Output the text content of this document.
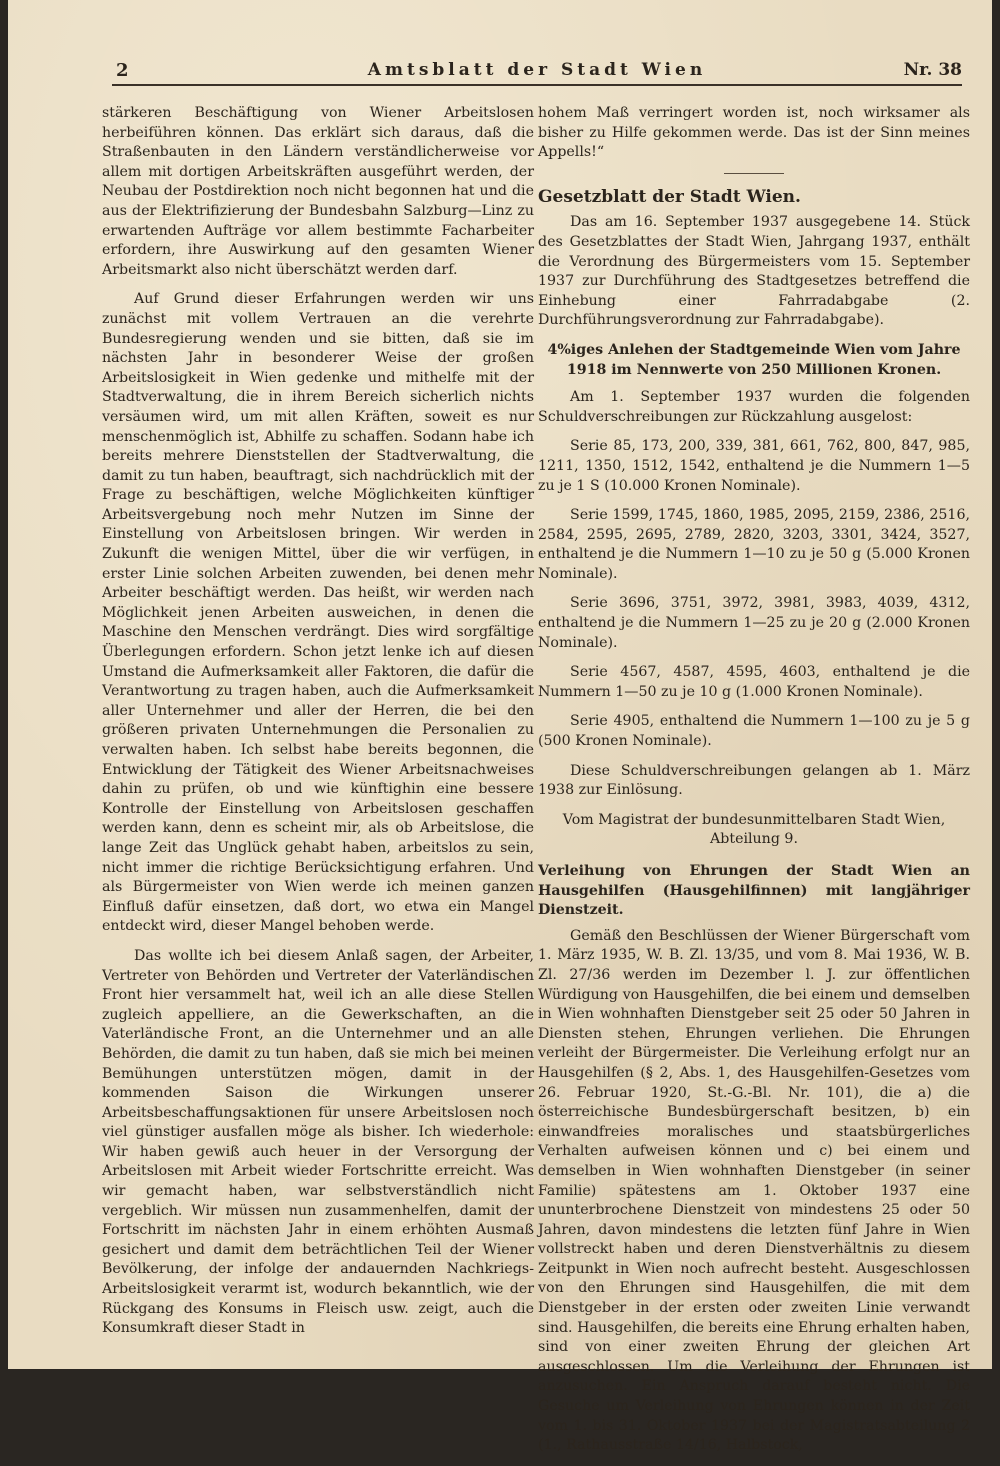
2	Amtsblatt der Stadt Wien	Nr. 38

stärkeren Beschäftigung von Wiener Arbeitslosen herbeiführen können. Das erklärt sich daraus, daß die Straßenbauten in den Ländern verständlicherweise vor allem mit dortigen Arbeitskräften ausgeführt werden, der Neubau der Postdirektion noch nicht begonnen hat und die aus der Elektrifizierung der Bundesbahn Salzburg—Linz zu erwartenden Aufträge vor allem bestimmte Facharbeiter erfordern, ihre Auswirkung auf den gesamten Wiener Arbeitsmarkt also nicht überschätzt werden darf.

Auf Grund dieser Erfahrungen werden wir uns zunächst mit vollem Vertrauen an die verehrte Bundesregierung wenden und sie bitten, daß sie im nächsten Jahr in besonderer Weise der großen Arbeitslosigkeit in Wien gedenke und mithelfe mit der Stadtverwaltung, die in ihrem Bereich sicherlich nichts versäumen wird, um mit allen Kräften, soweit es nur menschenmöglich ist, Abhilfe zu schaffen. Sodann habe ich bereits mehrere Dienststellen der Stadtverwaltung, die damit zu tun haben, beauftragt, sich nachdrücklich mit der Frage zu beschäftigen, welche Möglichkeiten künftiger Arbeitsvergebung noch mehr Nutzen im Sinne der Einstellung von Arbeitslosen bringen. Wir werden in Zukunft die wenigen Mittel, über die wir verfügen, in erster Linie solchen Arbeiten zuwenden, bei denen mehr Arbeiter beschäftigt werden. Das heißt, wir werden nach Möglichkeit jenen Arbeiten ausweichen, in denen die Maschine den Menschen verdrängt. Dies wird sorgfältige Überlegungen erfordern. Schon jetzt lenke ich auf diesen Umstand die Aufmerksamkeit aller Faktoren, die dafür die Verantwortung zu tragen haben, auch die Aufmerksamkeit aller Unternehmer und aller der Herren, die bei den größeren privaten Unternehmungen die Personalien zu verwalten haben. Ich selbst habe bereits begonnen, die Entwicklung der Tätigkeit des Wiener Arbeitsnachweises dahin zu prüfen, ob und wie künftighin eine bessere Kontrolle der Einstellung von Arbeitslosen geschaffen werden kann, denn es scheint mir, als ob Arbeitslose, die lange Zeit das Unglück gehabt haben, arbeitslos zu sein, nicht immer die richtige Berücksichtigung erfahren. Und als Bürgermeister von Wien werde ich meinen ganzen Einfluß dafür einsetzen, daß dort, wo etwa ein Mangel entdeckt wird, dieser Mangel behoben werde.

Das wollte ich bei diesem Anlaß sagen, der Arbeiter, Vertreter von Behörden und Vertreter der Vaterländischen Front hier versammelt hat, weil ich an alle diese Stellen zugleich appelliere, an die Gewerkschaften, an die Vaterländische Front, an die Unternehmer und an alle Behörden, die damit zu tun haben, daß sie mich bei meinen Bemühungen unterstützen mögen, damit in der kommenden Saison die Wirkungen unserer Arbeitsbeschaffungsaktionen für unsere Arbeitslosen noch viel günstiger ausfallen möge als bisher. Ich wiederhole: Wir haben gewiß auch heuer in der Versorgung der Arbeitslosen mit Arbeit wieder Fortschritte erreicht. Was wir gemacht haben, war selbstverständlich nicht vergeblich. Wir müssen nun zusammenhelfen, damit der Fortschritt im nächsten Jahr in einem erhöhten Ausmaß gesichert und damit dem beträchtlichen Teil der Wiener Bevölkerung, der infolge der andauernden Nachkriegs-Arbeitslosigkeit verarmt ist, wodurch bekanntlich, wie der Rückgang des Konsums in Fleisch usw. zeigt, auch die Konsumkraft dieser Stadt in

hohem Maß verringert worden ist, noch wirksamer als bisher zu Hilfe gekommen werde. Das ist der Sinn meines Appells!“

Gesetzblatt der Stadt Wien.

Das am 16. September 1937 ausgegebene 14. Stück des Gesetzblattes der Stadt Wien, Jahrgang 1937, enthält die Verordnung des Bürgermeisters vom 15. September 1937 zur Durchführung des Stadtgesetzes betreffend die Einhebung einer Fahrradabgabe (2. Durchführungsverordnung zur Fahrradabgabe).

4%iges Anlehen der Stadtgemeinde Wien vom Jahre 1918 im Nennwerte von 250 Millionen Kronen.

Am 1. September 1937 wurden die folgenden Schuldverschreibungen zur Rückzahlung ausgelost:

Serie 85, 173, 200, 339, 381, 661, 762, 800, 847, 985, 1211, 1350, 1512, 1542, enthaltend je die Nummern 1—5 zu je 1 S (10.000 Kronen Nominale).

Serie 1599, 1745, 1860, 1985, 2095, 2159, 2386, 2516, 2584, 2595, 2695, 2789, 2820, 3203, 3301, 3424, 3527, enthaltend je die Nummern 1—10 zu je 50 g (5.000 Kronen Nominale).

Serie 3696, 3751, 3972, 3981, 3983, 4039, 4312, enthaltend je die Nummern 1—25 zu je 20 g (2.000 Kronen Nominale).

Serie 4567, 4587, 4595, 4603, enthaltend je die Nummern 1—50 zu je 10 g (1.000 Kronen Nominale).

Serie 4905, enthaltend die Nummern 1—100 zu je 5 g (500 Kronen Nominale).

Diese Schuldverschreibungen gelangen ab 1. März 1938 zur Einlösung.

Vom Magistrat der bundesunmittelbaren Stadt Wien, Abteilung 9.
Verleihung von Ehrungen der Stadt Wien an Hausgehilfen (Hausgehilfinnen) mit langjähriger Dienstzeit.

Gemäß den Beschlüssen der Wiener Bürgerschaft vom 1. März 1935, W. B. Zl. 13/35, und vom 8. Mai 1936, W. B. Zl. 27/36 werden im Dezember l. J. zur öffentlichen Würdigung von Hausgehilfen, die bei einem und demselben in Wien wohnhaften Dienstgeber seit 25 oder 50 Jahren in Diensten stehen, Ehrungen verliehen. Die Ehrungen verleiht der Bürgermeister. Die Verleihung erfolgt nur an Hausgehilfen (§ 2, Abs. 1, des Hausgehilfen-Gesetzes vom 26. Februar 1920, St.-G.-Bl. Nr. 101), die a) die österreichische Bundesbürgerschaft besitzen, b) ein einwandfreies moralisches und staatsbürgerliches Verhalten aufweisen können und c) bei einem und demselben in Wien wohnhaften Dienstgeber (in seiner Familie) spätestens am 1. Oktober 1937 eine ununterbrochene Dienstzeit von mindestens 25 oder 50 Jahren, davon mindestens die letzten fünf Jahre in Wien vollstreckt haben und deren Dienstverhältnis zu diesem Zeitpunkt in Wien noch aufrecht besteht. Ausgeschlossen von den Ehrungen sind Hausgehilfen, die mit dem Dienstgeber in der ersten oder zweiten Linie verwandt sind. Hausgehilfen, die bereits eine Ehrung erhalten haben, sind von einer zweiten Ehrung der gleichen Art ausgeschlossen. Um die Verleihung der Ehrungen ist anzusuchen. Ein Anspruch darauf besteht nicht. Die Gesuche um Verleihung von Ehrungen können in der Zeit vom 1. bis 31. Oktober 1937 bei der Magistratsabteilung 2 (1., Rathausstraße 14/16, Halbstock,
